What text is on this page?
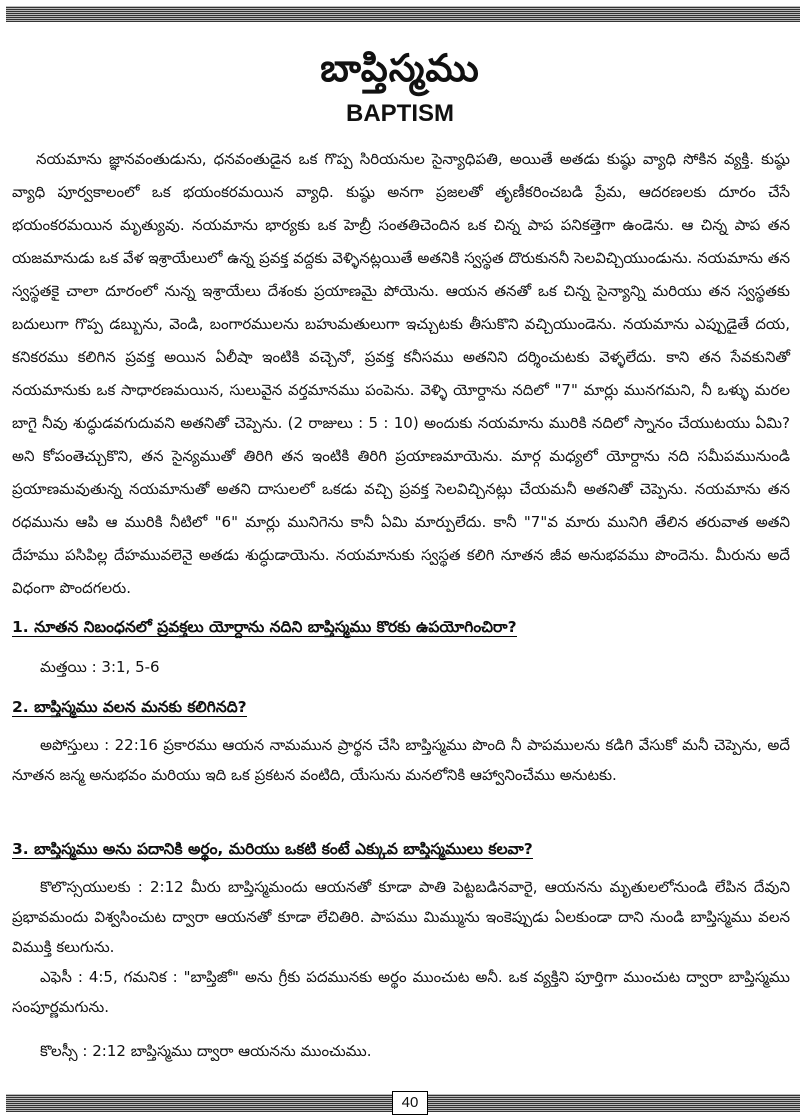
బాప్తిస్మము
BAPTISM
నయమాను జ్ఞానవంతుడును, ధనవంతుడైన ఒక గొప్ప సిరియనుల సైన్యాధిపతి, అయితే అతడు కుష్ఠు వ్యాధి సోకిన వ్యక్తి. కుష్ఠు వ్యాధి పూర్వకాలంలో ఒక భయంకరమయిన వ్యాధి. కుష్ఠు అనగా ప్రజలతో తృణీకరించబడి ప్రేమ, ఆదరణలకు దూరం చేసే భయంకరమయిన మృత్యువు. నయమాను భార్యకు ఒక హెబ్రీ సంతతిచెందిన ఒక చిన్న పాప పనికత్తెగా ఉండెను. ఆ చిన్న పాప తన యజమానుడు ఒక వేళ ఇశ్రాయేలులో ఉన్న ప్రవక్త వద్దకు వెళ్ళినట్లయితే అతనికి స్వస్థత దొరుకుననీ సెలవిచ్చియుండును. నయమాను తన స్వస్థతకై చాలా దూరంలో నున్న ఇశ్రాయేలు దేశంకు ప్రయాణమై పోయెను. ఆయన తనతో ఒక చిన్న సైన్యాన్ని మరియు తన స్వస్థతకు బదులుగా గొప్ప డబ్బును, వెండి, బంగారములను బహుమతులుగా ఇచ్చుటకు తీసుకొని వచ్చియుండెను. నయమాను ఎప్పుడైతే దయ, కనికరము కలిగిన ప్రవక్త అయిన ఏలీషా ఇంటికి వచ్చెనో, ప్రవక్త కనీసము అతనిని దర్శించుటకు వెళ్ళలేదు. కాని తన సేవకునితో నయమానుకు ఒక సాధారణమయిన, సులువైన వర్తమానము పంపెను. వెళ్ళి యోర్దాను నదిలో "7" మార్లు మునగమని, నీ ఒళ్ళు మరల బాగై నీవు శుద్ధుడవగుదువని అతనితో చెప్పెను. (2 రాజులు : 5 : 10) అందుకు నయమాను మురికి నదిలో స్నానం చేయుటయు ఏమి? అని కోపంతెచ్చుకొని, తన సైన్యముతో తిరిగి తన ఇంటికి తిరిగి ప్రయాణమాయెను. మార్గ మధ్యలో యోర్దాను నది సమీపమునుండి ప్రయాణమవుతున్న నయమానుతో అతని దాసులలో ఒకడు వచ్చి ప్రవక్త సెలవిచ్చినట్లు చేయమనీ అతనితో చెప్పెను. నయమాను తన రధమును ఆపి ఆ మురికి నీటిలో "6" మార్లు మునిగెను కానీ ఏమి మార్పులేదు. కానీ "7"వ మారు మునిగి తేలిన తరువాత అతని దేహము పసిపిల్ల దేహమువలెనై అతడు శుద్ధుడాయెను. నయమానుకు స్వస్థత కలిగి నూతన జీవ అనుభవము పొందెను. మీరును అదే విధంగా పొందగలరు.
1. నూతన నిబంధనలో ప్రవక్తలు యోర్దాను నదిని బాప్తిస్మము కొరకు ఉపయోగించిరా?
మత్తయి : 3:1, 5-6
2. బాప్తిస్మము వలన మనకు కలిగినది?
అపోస్తులు : 22:16 ప్రకారము ఆయన నామమున ప్రార్థన చేసి బాప్తిస్మము పొంది నీ పాపములను కడిగి వేసుకో మనీ చెప్పెను, అదే నూతన జన్మ అనుభవం మరియు ఇది ఒక ప్రకటన వంటిది, యేసును మనలోనికి ఆహ్వానించేము అనుటకు.
3. బాప్తిస్మము అను పదానికి అర్థం, మరియు ఒకటి కంటే ఎక్కువ బాప్తిస్మములు కలవా?
కొలొస్సయులకు : 2:12 మీరు బాప్తిస్మమందు ఆయనతో కూడా పాతి పెట్టబడినవారై, ఆయనను మృతులలోనుండి లేపిన దేవుని ప్రభావమందు విశ్వసించుట ద్వారా ఆయనతో కూడా లేచితిరి. పాపము మిమ్మును ఇంకెప్పుడు ఏలకుండా దాని నుండి బాప్తిస్మము వలన విముక్తి కలుగును.
ఎఫెసీ : 4:5, గమనిక : "బాప్తిజో" అను గ్రీకు పదమునకు అర్థం ముంచుట అనీ. ఒక వ్యక్తిని పూర్తిగా ముంచుట ద్వారా బాప్తిస్మము సంపూర్ణమగును.
కొలస్సీ : 2:12 బాప్తిస్మము ద్వారా ఆయనను ముంచుము.
40
